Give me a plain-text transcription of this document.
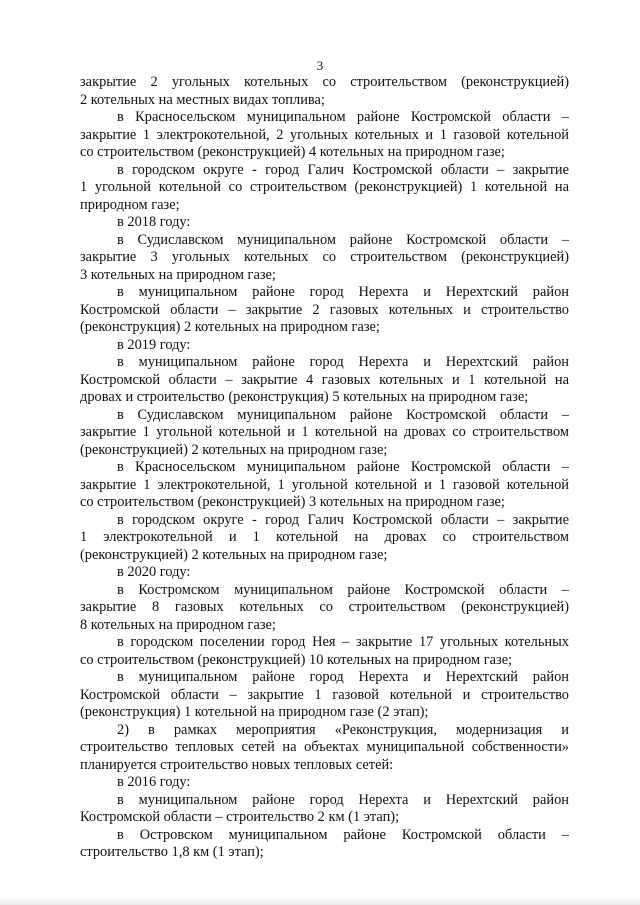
3
закрытие 2 угольных котельных со строительством (реконструкцией)
2 котельных на местных видах топлива;
в Красносельском муниципальном районе Костромской области –
закрытие 1 электрокотельной, 2 угольных котельных и 1 газовой котельной
со строительством (реконструкцией) 4 котельных на природном газе;
в городском округе - город Галич Костромской области – закрытие
1 угольной котельной со строительством (реконструкцией) 1 котельной на
природном газе;
в 2018 году:
в Судиславском муниципальном районе Костромской области –
закрытие 3 угольных котельных со строительством (реконструкцией)
3 котельных на природном газе;
в муниципальном районе город Нерехта и Нерехтский район
Костромской области – закрытие 2 газовых котельных и строительство
(реконструкция) 2 котельных на природном газе;
в 2019 году:
в муниципальном районе город Нерехта и Нерехтский район
Костромской области – закрытие 4 газовых котельных и 1 котельной на
дровах и строительство (реконструкция) 5 котельных на природном газе;
в Судиславском муниципальном районе Костромской области –
закрытие 1 угольной котельной и 1 котельной на дровах со строительством
(реконструкцией) 2 котельных на природном газе;
в Красносельском муниципальном районе Костромской области –
закрытие 1 электрокотельной, 1 угольной котельной и 1 газовой котельной
со строительством (реконструкцией) 3 котельных на природном газе;
в городском округе - город Галич Костромской области – закрытие
1 электрокотельной и 1 котельной на дровах со строительством
(реконструкцией) 2 котельных на природном газе;
в 2020 году:
в Костромском муниципальном районе Костромской области –
закрытие 8 газовых котельных со строительством (реконструкцией)
8 котельных на природном газе;
в городском поселении город Нея – закрытие 17 угольных котельных
со строительством (реконструкцией) 10 котельных на природном газе;
в муниципальном районе город Нерехта и Нерехтский район
Костромской области – закрытие 1 газовой котельной и строительство
(реконструкция) 1 котельной на природном газе (2 этап);
2) в рамках мероприятия «Реконструкция, модернизация и
строительство тепловых сетей на объектах муниципальной собственности»
планируется строительство новых тепловых сетей:
в 2016 году:
в муниципальном районе город Нерехта и Нерехтский район
Костромской области – строительство 2 км (1 этап);
в Островском муниципальном районе Костромской области –
строительство 1,8 км (1 этап);
